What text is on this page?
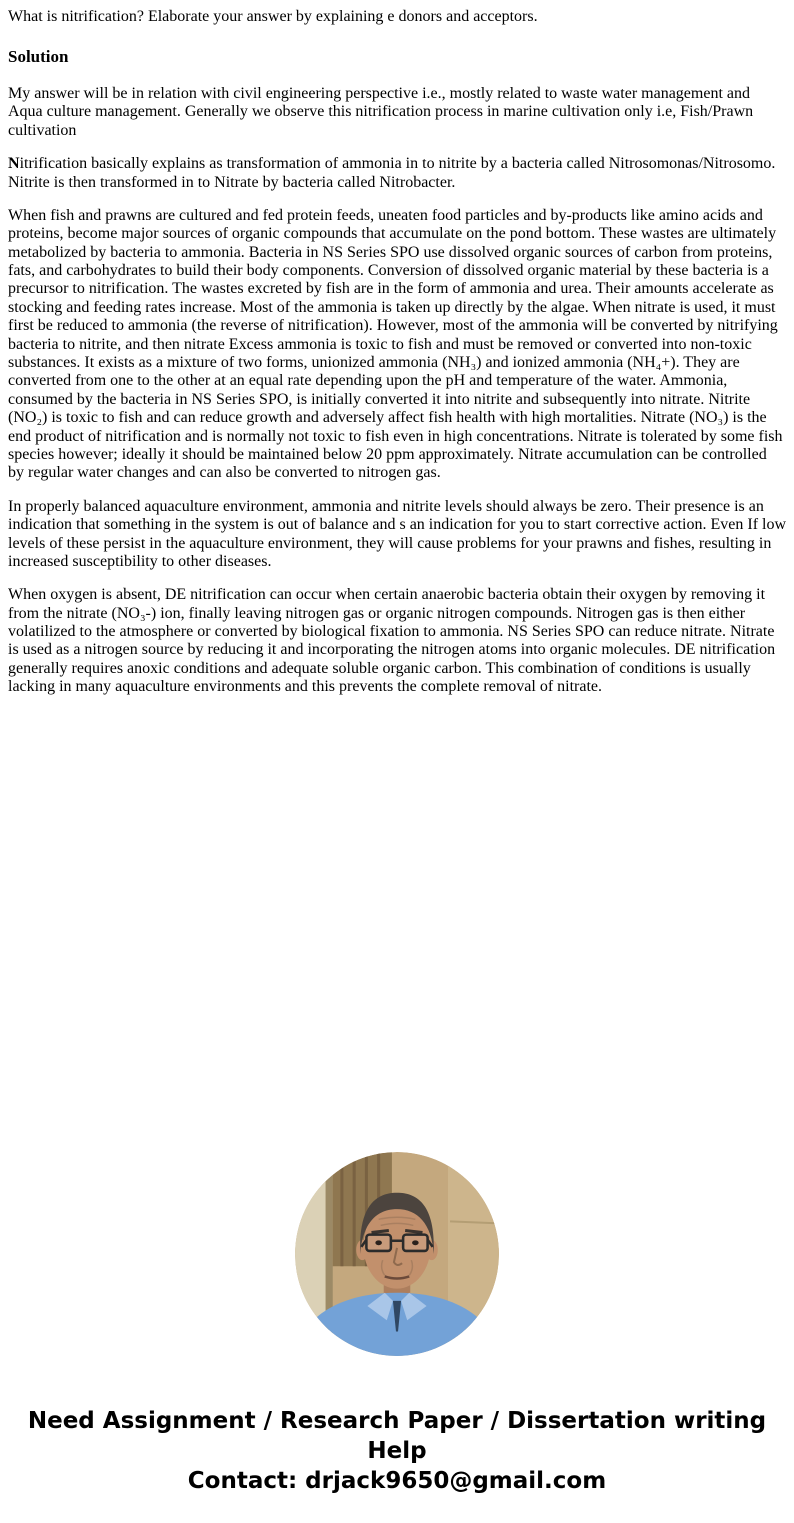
What is nitrification? Elaborate your answer by explaining e donors and acceptors.

Solution

My answer will be in relation with civil engineering perspective i.e., mostly related to waste water management and Aqua culture management. Generally we observe this nitrification process in marine cultivation only i.e, Fish/Prawn cultivation

Nitrification basically explains as transformation of ammonia in to nitrite by a bacteria called Nitrosomonas/Nitrosomo. Nitrite is then transformed in to Nitrate by bacteria called Nitrobacter.

When fish and prawns are cultured and fed protein feeds, uneaten food particles and by-products like amino acids and proteins, become major sources of organic compounds that accumulate on the pond bottom. These wastes are ultimately metabolized by bacteria to ammonia. Bacteria in NS Series SPO use dissolved organic sources of carbon from proteins, fats, and carbohydrates to build their body components. Conversion of dissolved organic material by these bacteria is a precursor to nitrification. The wastes excreted by fish are in the form of ammonia and urea. Their amounts accelerate as stocking and feeding rates increase. Most of the ammonia is taken up directly by the algae. When nitrate is used, it must first be reduced to ammonia (the reverse of nitrification). However, most of the ammonia will be converted by nitrifying bacteria to nitrite, and then nitrate Excess ammonia is toxic to fish and must be removed or converted into non-toxic substances. It exists as a mixture of two forms, unionized ammonia (NH₃) and ionized ammonia (NH₄+). They are converted from one to the other at an equal rate depending upon the pH and temperature of the water. Ammonia, consumed by the bacteria in NS Series SPO, is initially converted it into nitrite and subsequently into nitrate. Nitrite (NO₂) is toxic to fish and can reduce growth and adversely affect fish health with high mortalities. Nitrate (NO₃) is the end product of nitrification and is normally not toxic to fish even in high concentrations. Nitrate is tolerated by some fish species however; ideally it should be maintained below 20 ppm approximately. Nitrate accumulation can be controlled by regular water changes and can also be converted to nitrogen gas.

In properly balanced aquaculture environment, ammonia and nitrite levels should always be zero. Their presence is an indication that something in the system is out of balance and s an indication for you to start corrective action. Even If low levels of these persist in the aquaculture environment, they will cause problems for your prawns and fishes, resulting in increased susceptibility to other diseases.

When oxygen is absent, DE nitrification can occur when certain anaerobic bacteria obtain their oxygen by removing it from the nitrate (NO₃-) ion, finally leaving nitrogen gas or organic nitrogen compounds. Nitrogen gas is then either volatilized to the atmosphere or converted by biological fixation to ammonia. NS Series SPO can reduce nitrate. Nitrate is used as a nitrogen source by reducing it and incorporating the nitrogen atoms into organic molecules. DE nitrification generally requires anoxic conditions and adequate soluble organic carbon. This combination of conditions is usually lacking in many aquaculture environments and this prevents the complete removal of nitrate.

Need Assignment / Research Paper / Dissertation writing Help
Contact: drjack9650@gmail.com
